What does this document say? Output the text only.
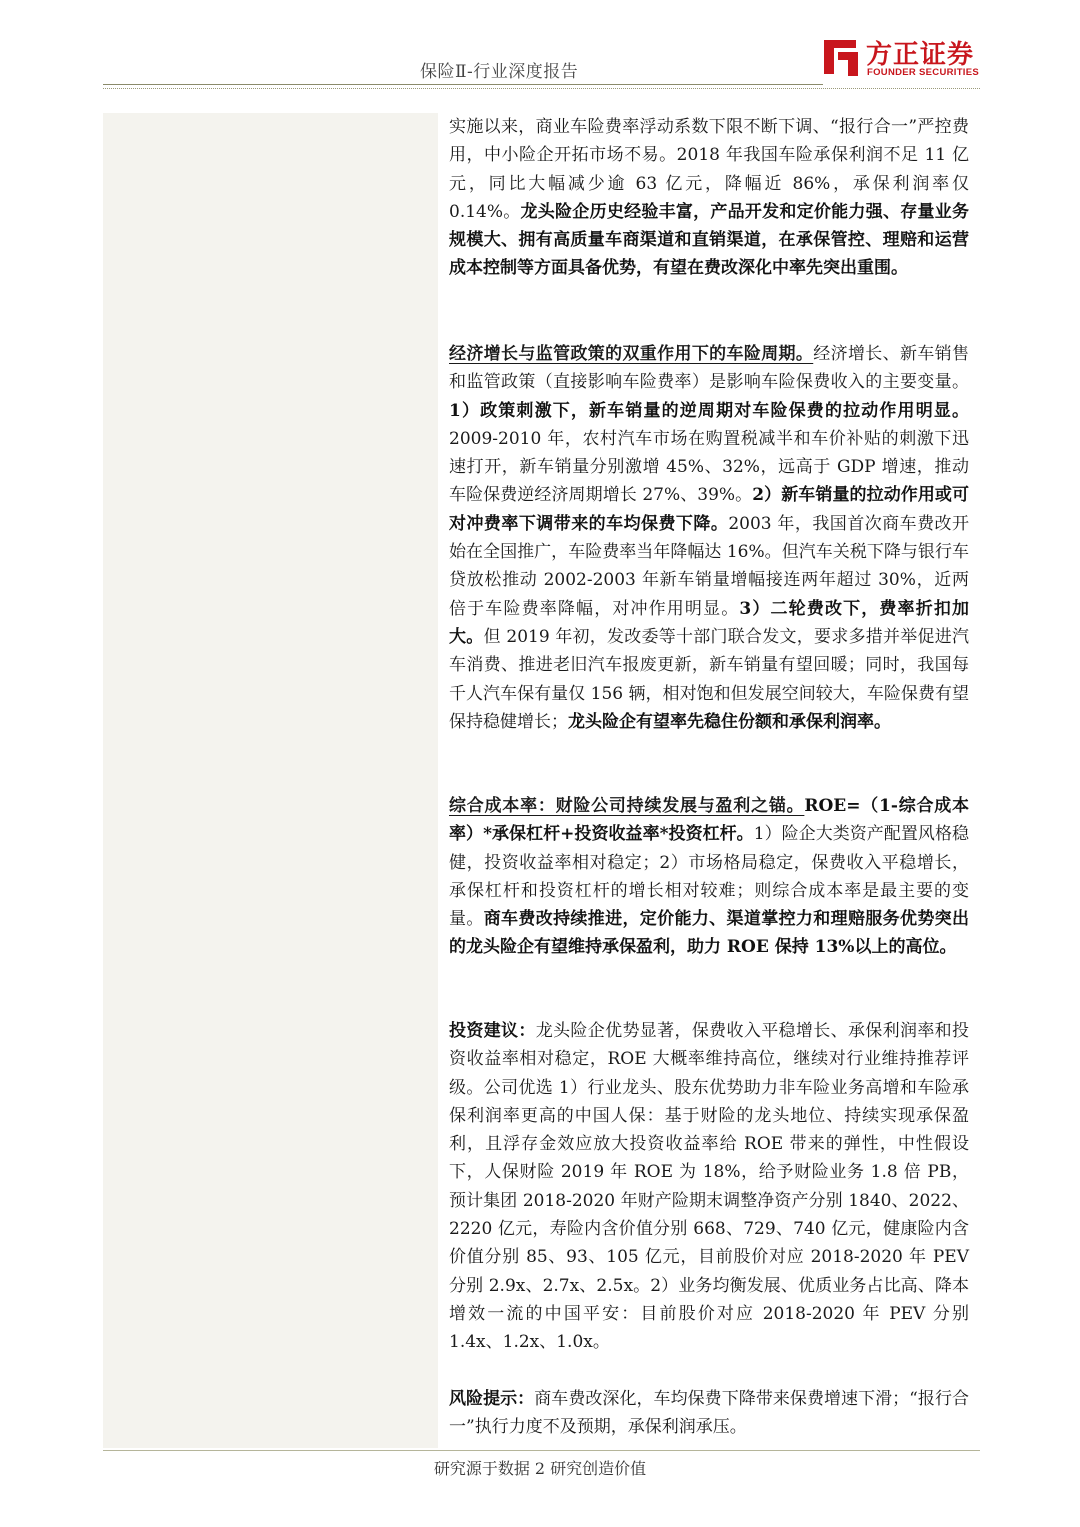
保险Ⅱ-行业深度报告
方正证券
FOUNDER SECURITIES

实施以来，商业车险费率浮动系数下限不断下调、“报行合一”严控费用，中小险企开拓市场不易。2018 年我国车险承保利润不足 11 亿元，同比大幅减少逾 63 亿元，降幅近 86%，承保利润率仅 0.14%。龙头险企历史经验丰富，产品开发和定价能力强、存量业务规模大、拥有高质量车商渠道和直销渠道，在承保管控、理赔和运营成本控制等方面具备优势，有望在费改深化中率先突出重围。

经济增长与监管政策的双重作用下的车险周期。经济增长、新车销售和监管政策（直接影响车险费率）是影响车险保费收入的主要变量。1）政策刺激下，新车销量的逆周期对车险保费的拉动作用明显。2009-2010 年，农村汽车市场在购置税减半和车价补贴的刺激下迅速打开，新车销量分别激增 45%、32%，远高于 GDP 增速，推动车险保费逆经济周期增长 27%、39%。2）新车销量的拉动作用或可对冲费率下调带来的车均保费下降。2003 年，我国首次商车费改开始在全国推广，车险费率当年降幅达 16%。但汽车关税下降与银行车贷放松推动 2002-2003 年新车销量增幅接连两年超过 30%，近两倍于车险费率降幅，对冲作用明显。3）二轮费改下，费率折扣加大。但 2019 年初，发改委等十部门联合发文，要求多措并举促进汽车消费、推进老旧汽车报废更新，新车销量有望回暖；同时，我国每千人汽车保有量仅 156 辆，相对饱和但发展空间较大，车险保费有望保持稳健增长；龙头险企有望率先稳住份额和承保利润率。

综合成本率：财险公司持续发展与盈利之锚。ROE=（1-综合成本率）*承保杠杆+投资收益率*投资杠杆。1）险企大类资产配置风格稳健，投资收益率相对稳定；2）市场格局稳定，保费收入平稳增长，承保杠杆和投资杠杆的增长相对较难；则综合成本率是最主要的变量。商车费改持续推进，定价能力、渠道掌控力和理赔服务优势突出的龙头险企有望维持承保盈利，助力 ROE 保持 13%以上的高位。

投资建议：龙头险企优势显著，保费收入平稳增长、承保利润率和投资收益率相对稳定，ROE 大概率维持高位，继续对行业维持推荐评级。公司优选 1）行业龙头、股东优势助力非车险业务高增和车险承保利润率更高的中国人保：基于财险的龙头地位、持续实现承保盈利，且浮存金效应放大投资收益率给 ROE 带来的弹性，中性假设下，人保财险 2019 年 ROE 为 18%，给予财险业务 1.8 倍 PB，预计集团 2018-2020 年财产险期末调整净资产分别 1840、2022、2220 亿元，寿险内含价值分别 668、729、740 亿元，健康险内含价值分别 85、93、105 亿元，目前股价对应 2018-2020 年 PEV 分别 2.9x、2.7x、2.5x。2）业务均衡发展、优质业务占比高、降本增效一流的中国平安：目前股价对应 2018-2020 年 PEV 分别 1.4x、1.2x、1.0x。

风险提示：商车费改深化，车均保费下降带来保费增速下滑；“报行合一”执行力度不及预期，承保利润承压。

研究源于数据 2 研究创造价值
